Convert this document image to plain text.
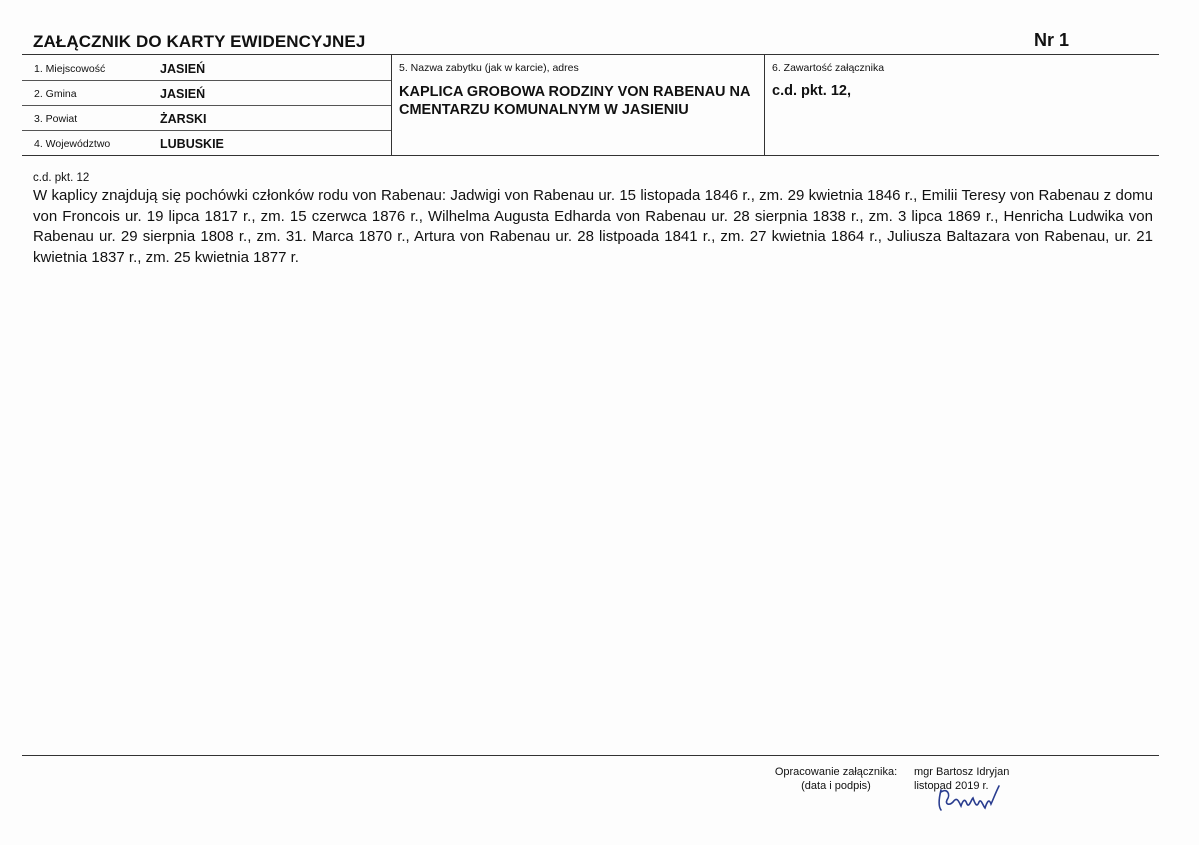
ZAŁĄCZNIK DO KARTY EWIDENCYJNEJ	Nr 1
1. Miejscowość	JASIEŃ
2. Gmina	JASIEŃ
3. Powiat	ŻARSKI
4. Województwo	LUBUSKIE
5. Nazwa zabytku (jak w karcie), adres
KAPLICA GROBOWA RODZINY VON RABENAU NA CMENTARZU KOMUNALNYM W JASIENIU
6. Zawartość załącznika
c.d. pkt. 12,
c.d. pkt. 12
W kaplicy znajdują się pochówki członków rodu von Rabenau: Jadwigi von Rabenau ur. 15 listopada 1846 r., zm. 29 kwietnia 1846 r., Emilii Teresy von Rabenau z domu von Froncois ur. 19 lipca 1817 r., zm. 15 czerwca 1876 r., Wilhelma Augusta Edharda von Rabenau ur. 28 sierpnia 1838 r., zm. 3 lipca 1869 r., Henricha Ludwika von Rabenau ur. 29 sierpnia 1808 r., zm. 31. Marca 1870 r., Artura von Rabenau ur. 28 listpoada 1841 r., zm. 27 kwietnia 1864 r., Juliusza Baltazara von Rabenau, ur. 21 kwietnia 1837 r., zm. 25 kwietnia 1877 r.
Opracowanie załącznika:
(data i podpis)
mgr Bartosz Idryjan
listopad 2019 r.
